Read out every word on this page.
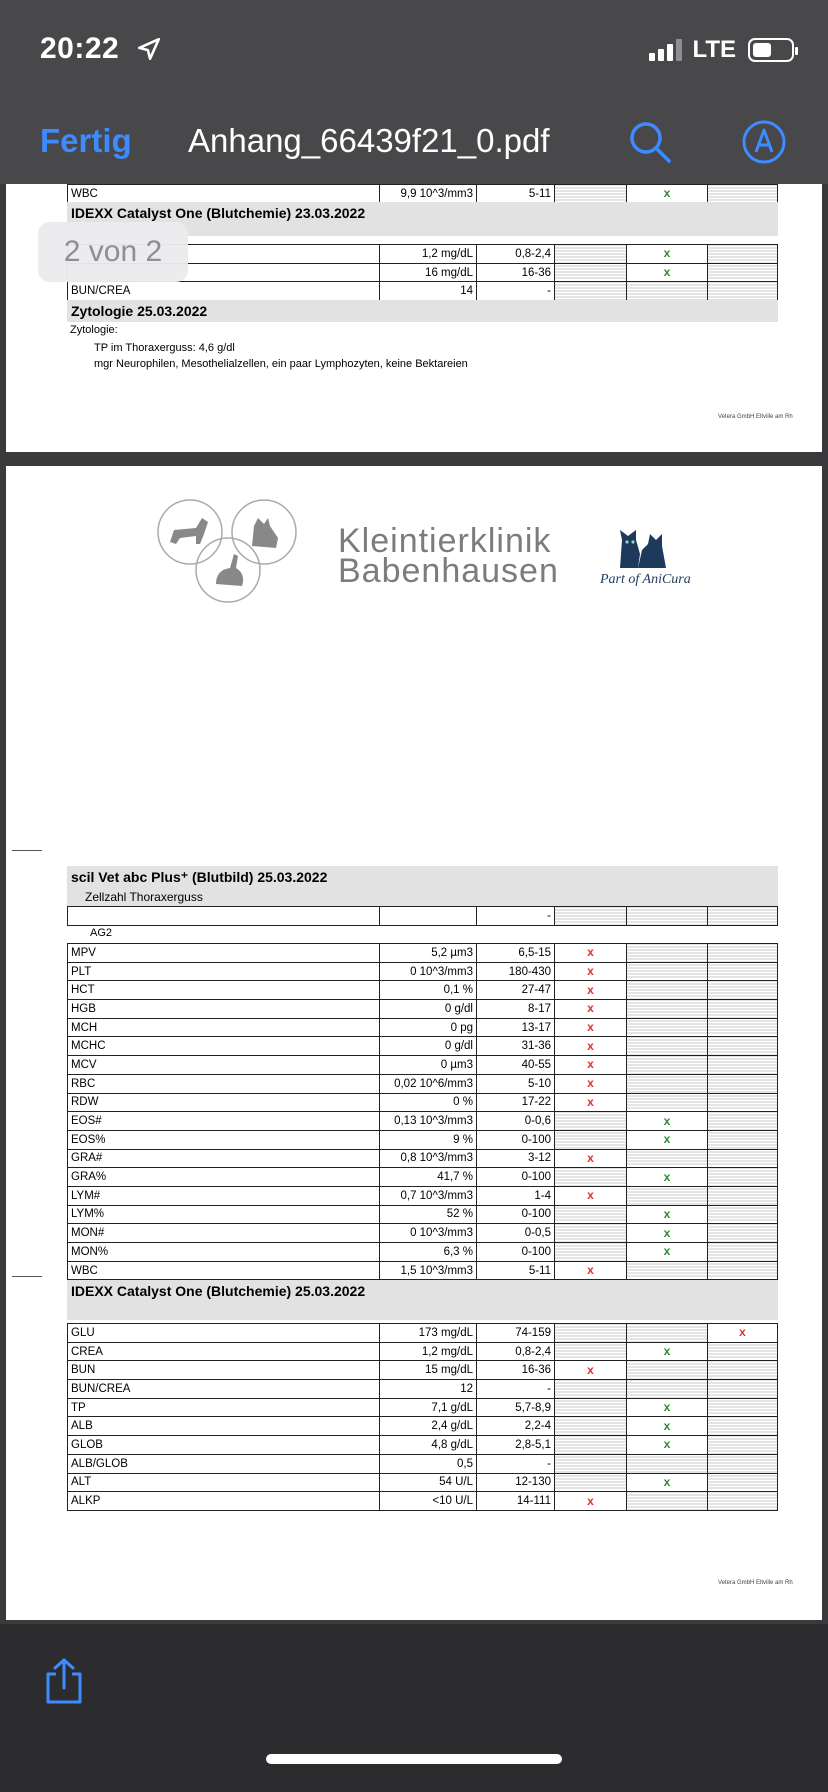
20:22	LTE
Fertig Anhang_66439f21_0.pdf
WBC	9,9 10^3/mm3	5-11		x	
IDEXX Catalyst One (Blutchemie) 23.03.2022
	1,2 mg/dL	0,8-2,4		x	
	16 mg/dL	16-36		x	
BUN/CREA	14	-			
Zytologie 25.03.2022
Zytologie:
TP im Thoraxerguss: 4,6 g/dl
mgr Neurophilen, Mesothelialzellen, ein paar Lymphozyten, keine Bektareien
Vetera GmbH Eltville am Rh
2 von 2
Kleintierklinik
Babenhausen	Part of AniCura
scil Vet abc Plus⁺ (Blutbild) 25.03.2022
Zellzahl Thoraxerguss
		-			
AG2
MPV	5,2 µm3	6,5-15	x		
PLT	0 10^3/mm3	180-430	x		
HCT	0,1 %	27-47	x		
HGB	0 g/dl	8-17	x		
MCH	0 pg	13-17	x		
MCHC	0 g/dl	31-36	x		
MCV	0 µm3	40-55	x		
RBC	0,02 10^6/mm3	5-10	x		
RDW	0 %	17-22	x		
EOS#	0,13 10^3/mm3	0-0,6		x	
EOS%	9 %	0-100		x	
GRA#	0,8 10^3/mm3	3-12	x		
GRA%	41,7 %	0-100		x	
LYM#	0,7 10^3/mm3	1-4	x		
LYM%	52 %	0-100		x	
MON#	0 10^3/mm3	0-0,5		x	
MON%	6,3 %	0-100		x	
WBC	1,5 10^3/mm3	5-11	x		
IDEXX Catalyst One (Blutchemie) 25.03.2022
GLU	173 mg/dL	74-159			x
CREA	1,2 mg/dL	0,8-2,4		x	
BUN	15 mg/dL	16-36	x		
BUN/CREA	12	-			
TP	7,1 g/dL	5,7-8,9		x	
ALB	2,4 g/dL	2,2-4		x	
GLOB	4,8 g/dL	2,8-5,1		x	
ALB/GLOB	0,5	-			
ALT	54 U/L	12-130		x	
ALKP	<10 U/L	14-111	x		
Vetera GmbH Eltville am Rh
